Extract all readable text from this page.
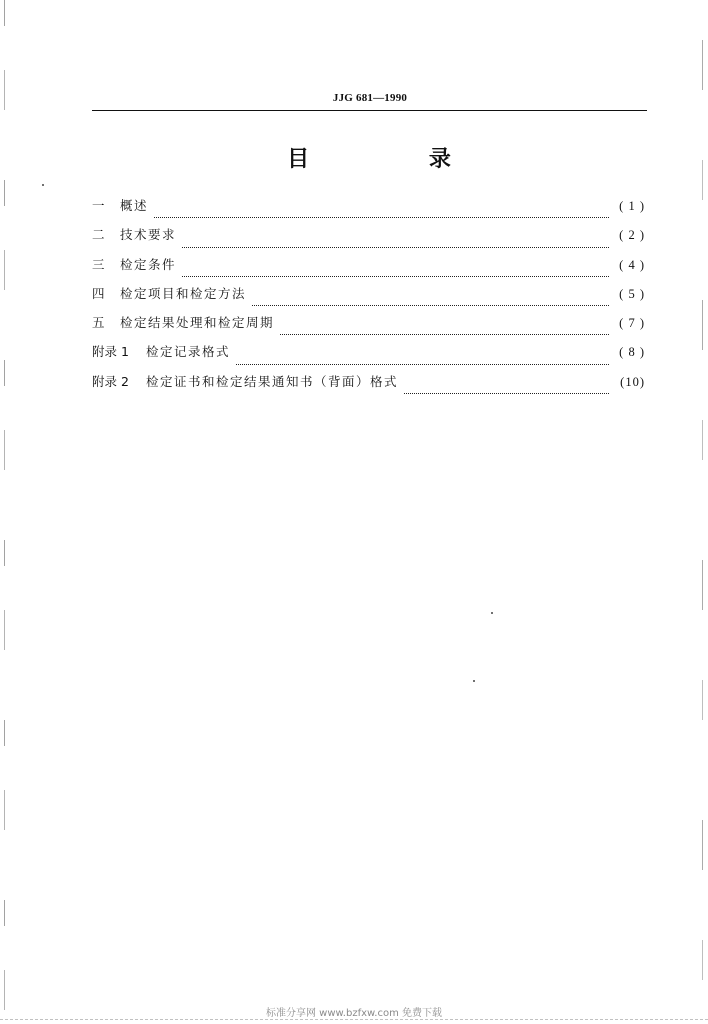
JJG 681—1990
目 录
一	概述	( 1 )
二	技术要求	( 2 )
三	检定条件	( 4 )
四	检定项目和检定方法	( 5 )
五	检定结果处理和检定周期	( 7 )
附录 1	检定记录格式	( 8 )
附录 2	检定证书和检定结果通知书（背面）格式	(10)
标准分享网 www.bzfxw.com 免费下载
